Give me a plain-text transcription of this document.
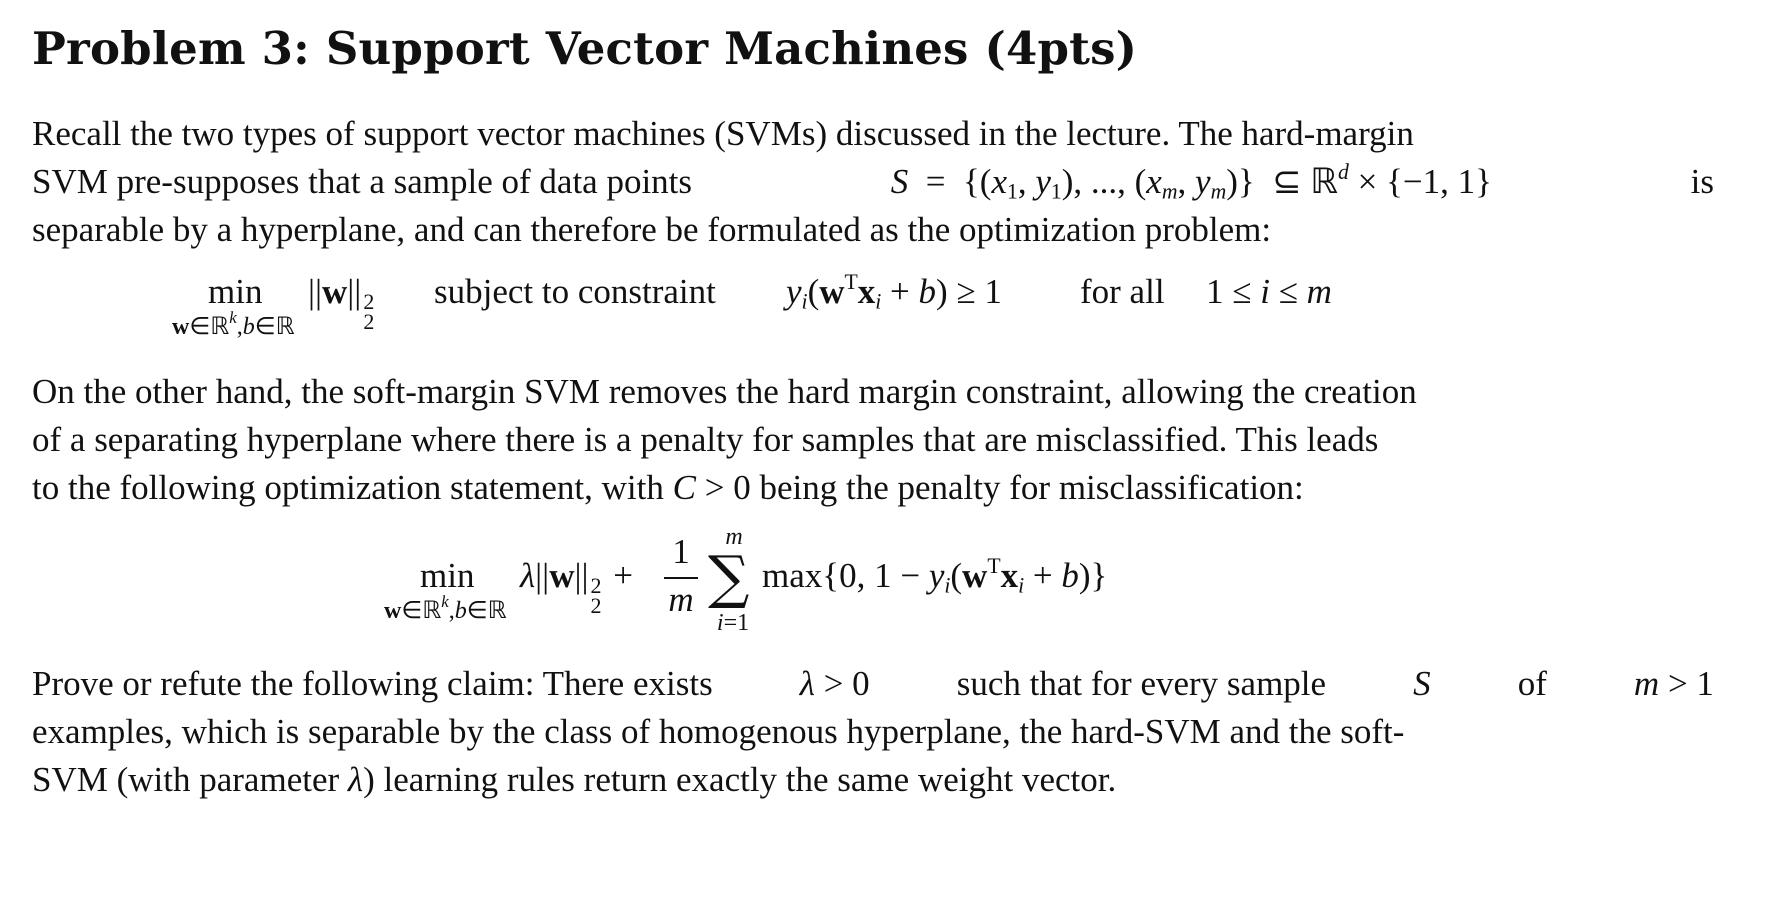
Problem 3: Support Vector Machines (4pts)
Recall the two types of support vector machines (SVMs) discussed in the lecture. The hard-margin
SVM pre-supposes that a sample of data points	$S = \{(x_1$, $y_1$), ..., ($x_m$, $y_m$)}  ⊆ ℝ$^d$ × {−1, 1}	is
separable by a hyperplane, and can therefore be formulated as the optimization problem:
min
w∈ℝ$^k$,b∈ℝ
||w|| 2
2
subject to constraint $y_i(w^Tx_i + b) \ge 1$ for all 1 ≤ i ≤ m
On the other hand, the soft-margin SVM removes the hard margin constraint, allowing the creation
of a separating hyperplane where there is a penalty for samples that are misclassified. This leads
to the following optimization statement, with C > 0 being the penalty for misclassification:
min
w∈ℝ$^k$,b∈ℝ
λ||w|| 2
2
+
1
m
m
∑
i=1
max{0, $1 - y_i(w^Tx_i + b)$}
Prove or refute the following claim: There exists λ > 0 such that for every sample S of m > 1
examples, which is separable by the class of homogenous hyperplane, the hard-SVM and the soft-
SVM (with parameter λ) learning rules return exactly the same weight vector.
